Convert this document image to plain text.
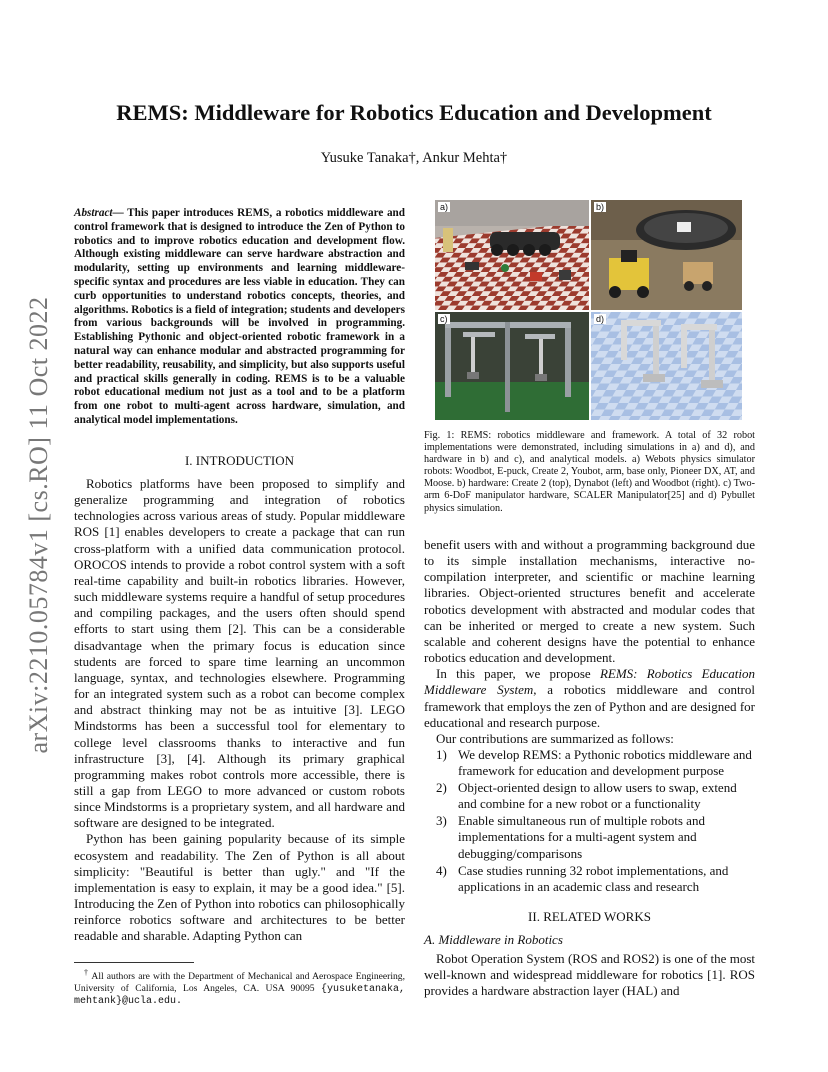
arXiv:2210.05784v1 [cs.RO] 11 Oct 2022
REMS: Middleware for Robotics Education and Development
Yusuke Tanaka†, Ankur Mehta†
Abstract— This paper introduces REMS, a robotics middleware and control framework that is designed to introduce the Zen of Python to robotics and to improve robotics education and development flow. Although existing middleware can serve hardware abstraction and modularity, setting up environments and learning middleware-specific syntax and procedures are less viable in education. They can curb opportunities to understand robotics concepts, theories, and algorithms. Robotics is a field of integration; students and developers from various backgrounds will be involved in programming. Establishing Pythonic and object-oriented robotic framework in a natural way can enhance modular and abstracted programming for better readability, reusability, and simplicity, but also supports useful and practical skills generally in coding. REMS is to be a valuable robot educational medium not just as a tool and to be a platform from one robot to multi-agent across hardware, simulation, and analytical model implementations.
I. INTRODUCTION

Robotics platforms have been proposed to simplify and generalize programming and integration of robotics technologies across various areas of study. Popular middleware ROS [1] enables developers to create a package that can run cross-platform with a unified data communication protocol. OROCOS intends to provide a robot control system with a soft real-time capability and built-in robotics libraries. However, such middleware systems require a handful of setup procedures and compiling packages, and the users often should spend efforts to start using them [2]. This can be a considerable disadvantage when the primary focus is education since students are forced to spare time learning an uncommon language, syntax, and technologies elsewhere. Programming for an integrated system such as a robot can become complex and abstract thinking may not be as intuitive [3]. LEGO Mindstorms has been a successful tool for elementary to college level classrooms thanks to interactive and fun infrastructure [3], [4]. Although its primary graphical programming makes robot controls more accessible, there is still a gap from LEGO to more advanced or custom robots since Mindstorms is a proprietary system, and all hardware and software are designed to be integrated.

Python has been gaining popularity because of its simple ecosystem and readability. The Zen of Python is all about simplicity: "Beautiful is better than ugly." and "If the implementation is easy to explain, it may be a good idea." [5]. Introducing the Zen of Python into robotics can philosophically reinforce robotics software and architectures to be better readable and sharable. Adapting Python can

† All authors are with the Department of Mechanical and Aerospace Engineering, University of California, Los Angeles, CA. USA 90095 {yusuketanaka, mehtank}@ucla.edu.
a)	b)
c)	d)
Fig. 1: REMS: robotics middleware and framework. A total of 32 robot implementations were demonstrated, including simulations in a) and d), and hardware in b) and c), and analytical models. a) Webots physics simulator robots: Woodbot, E-puck, Create 2, Youbot, arm, base only, Pioneer DX, AT, and Moose. b) hardware: Create 2 (top), Dynabot (left) and Woodbot (right). c) Two-arm 6-DoF manipulator hardware, SCALER Manipulator[25] and d) Pybullet physics simulation.

benefit users with and without a programming background due to its simple installation mechanisms, interactive no-compilation interpreter, and scientific or machine learning libraries. Object-oriented structures benefit and accelerate robotics development with abstracted and modular codes that can be inherited or merged to create a new system. Such scalable and coherent designs have the potential to enhance robotics education and development.

In this paper, we propose REMS: Robotics Education Middleware System, a robotics middleware and control framework that employs the zen of Python and are designed for educational and research purpose.

Our contributions are summarized as follows:

1) We develop REMS: a Pythonic robotics middleware and framework for education and development purpose
2) Object-oriented design to allow users to swap, extend and combine for a new robot or a functionality
3) Enable simultaneous run of multiple robots and implementations for a multi-agent system and debugging/comparisons
4) Case studies running 32 robot implementations, and applications in an academic class and research
II. RELATED WORKS
A. Middleware in Robotics

Robot Operation System (ROS and ROS2) is one of the most well-known and widespread middleware for robotics [1]. ROS provides a hardware abstraction layer (HAL) and
